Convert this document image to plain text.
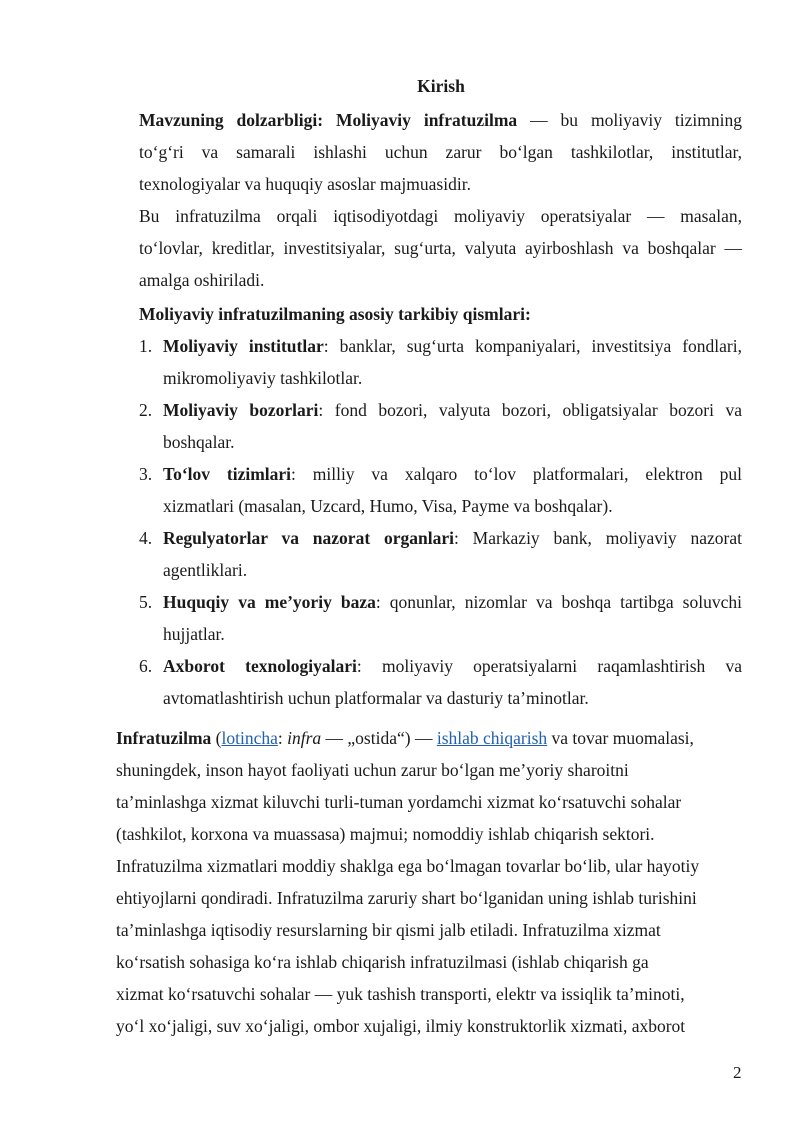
Kirish
Mavzuning dolzarbligi: Moliyaviy infratuzilma — bu moliyaviy tizimning
to‘g‘ri va samarali ishlashi uchun zarur bo‘lgan tashkilotlar, institutlar,
texnologiyalar va huquqiy asoslar majmuasidir.
Bu infratuzilma orqali iqtisodiyotdagi moliyaviy operatsiyalar — masalan,
to‘lovlar, kreditlar, investitsiyalar, sug‘urta, valyuta ayirboshlash va boshqalar —
amalga oshiriladi.
Moliyaviy infratuzilmaning asosiy tarkibiy qismlari:
1. Moliyaviy institutlar: banklar, sug‘urta kompaniyalari, investitsiya fondlari,
mikromoliyaviy tashkilotlar.
2. Moliyaviy bozorlari: fond bozori, valyuta bozori, obligatsiyalar bozori va
boshqalar.
3. To‘lov tizimlari: milliy va xalqaro to‘lov platformalari, elektron pul
xizmatlari (masalan, Uzcard, Humo, Visa, Payme va boshqalar).
4. Regulyatorlar va nazorat organlari: Markaziy bank, moliyaviy nazorat
agentliklari.
5. Huquqiy va me’yoriy baza: qonunlar, nizomlar va boshqa tartibga soluvchi
hujjatlar.
6. Axborot texnologiyalari: moliyaviy operatsiyalarni raqamlashtirish va
avtomatlashtirish uchun platformalar va dasturiy ta’minotlar.
Infratuzilma (lotincha: infra — „ostida“) — ishlab chiqarish va tovar muomalasi,
shuningdek, inson hayot faoliyati uchun zarur bo‘lgan me’yoriy sharoitni
ta’minlashga xizmat kiluvchi turli-tuman yordamchi xizmat ko‘rsatuvchi sohalar
(tashkilot, korxona va muassasa) majmui; nomoddiy ishlab chiqarish sektori.
Infratuzilma xizmatlari moddiy shaklga ega bo‘lmagan tovarlar bo‘lib, ular hayotiy
ehtiyojlarni qondiradi. Infratuzilma zaruriy shart bo‘lganidan uning ishlab turishini
ta’minlashga iqtisodiy resurslarning bir qismi jalb etiladi. Infratuzilma xizmat
ko‘rsatish sohasiga ko‘ra ishlab chiqarish infratuzilmasi (ishlab chiqarish ga
xizmat ko‘rsatuvchi sohalar — yuk tashish transporti, elektr va issiqlik ta’minoti,
yo‘l xo‘jaligi, suv xo‘jaligi, ombor xujaligi, ilmiy konstruktorlik xizmati, axborot
2
